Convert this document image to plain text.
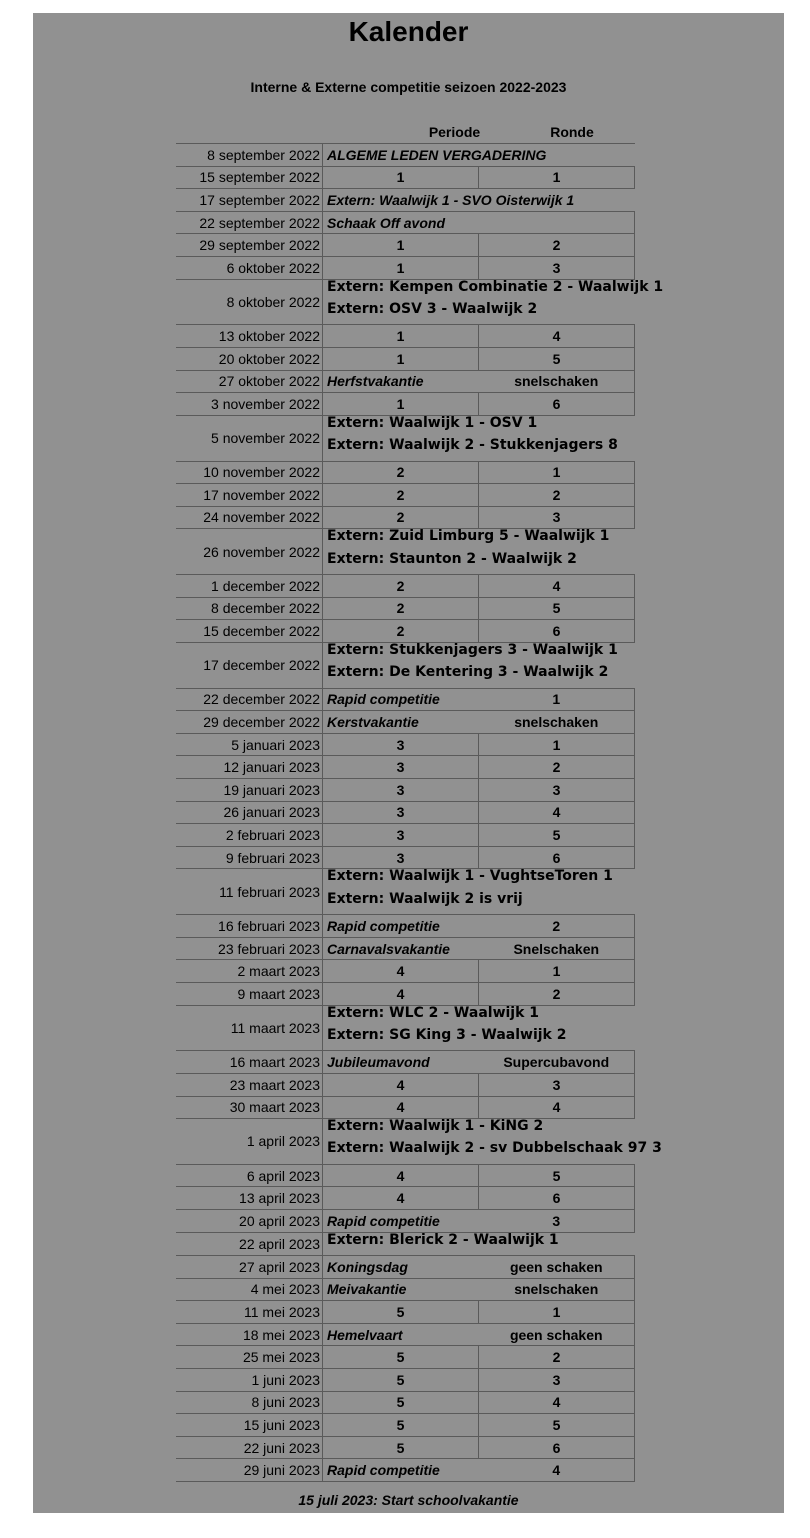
Kalender
Interne & Externe competitie seizoen 2022-2023
Periode	Ronde
8 september 2022	ALGEME LEDEN VERGADERING	
15 september 2022	1	1
17 september 2022	Extern: Waalwijk 1 - SVO Oisterwijk 1	
22 september 2022	Schaak Off avond	
29 september 2022	1	2
6 oktober 2022	1	3
8 oktober 2022	Extern: Kempen Combinatie 2 - Waalwijk 1
Extern: OSV 3 - Waalwijk 2	

13 oktober 2022	1	4
20 oktober 2022	1	5
27 oktober 2022	Herfstvakantie	snelschaken
3 november 2022	1	6
5 november 2022	Extern: Waalwijk 1 - OSV 1
Extern: Waalwijk 2 - Stukkenjagers 8	

10 november 2022	2	1
17 november 2022	2	2
24 november 2022	2	3
26 november 2022	Extern: Zuid Limburg 5 - Waalwijk 1
Extern: Staunton 2 - Waalwijk 2	

1 december 2022	2	4
8 december 2022	2	5
15 december 2022	2	6
17 december 2022	Extern: Stukkenjagers 3 - Waalwijk 1
Extern: De Kentering 3 - Waalwijk 2	

22 december 2022	Rapid competitie	1
29 december 2022	Kerstvakantie	snelschaken
5 januari 2023	3	1
12 januari 2023	3	2
19 januari 2023	3	3
26 januari 2023	3	4
2 februari 2023	3	5
9 februari 2023	3	6
11 februari 2023	Extern: Waalwijk 1 - VughtseToren 1
Extern: Waalwijk 2 is vrij	

16 februari 2023	Rapid competitie	2
23 februari 2023	Carnavalsvakantie	Snelschaken
2 maart 2023	4	1
9 maart 2023	4	2
11 maart 2023	Extern: WLC 2 - Waalwijk 1
Extern: SG King 3 - Waalwijk 2	

16 maart 2023	Jubileumavond	Supercubavond
23 maart 2023	4	3
30 maart 2023	4	4
1 april 2023	Extern: Waalwijk 1 - KiNG 2
Extern: Waalwijk 2 - sv Dubbelschaak 97 3	

6 april 2023	4	5
13 april 2023	4	6
20 april 2023	Rapid competitie	3
22 april 2023	Extern: Blerick 2 - Waalwijk 1	

27 april 2023	Koningsdag	geen schaken
4 mei 2023	Meivakantie	snelschaken
11 mei 2023	5	1
18 mei 2023	Hemelvaart	geen schaken
25 mei 2023	5	2
1 juni 2023	5	3
8 juni 2023	5	4
15 juni 2023	5	5
22 juni 2023	5	6
29 juni 2023	Rapid competitie	4
15 juli 2023: Start schoolvakantie
